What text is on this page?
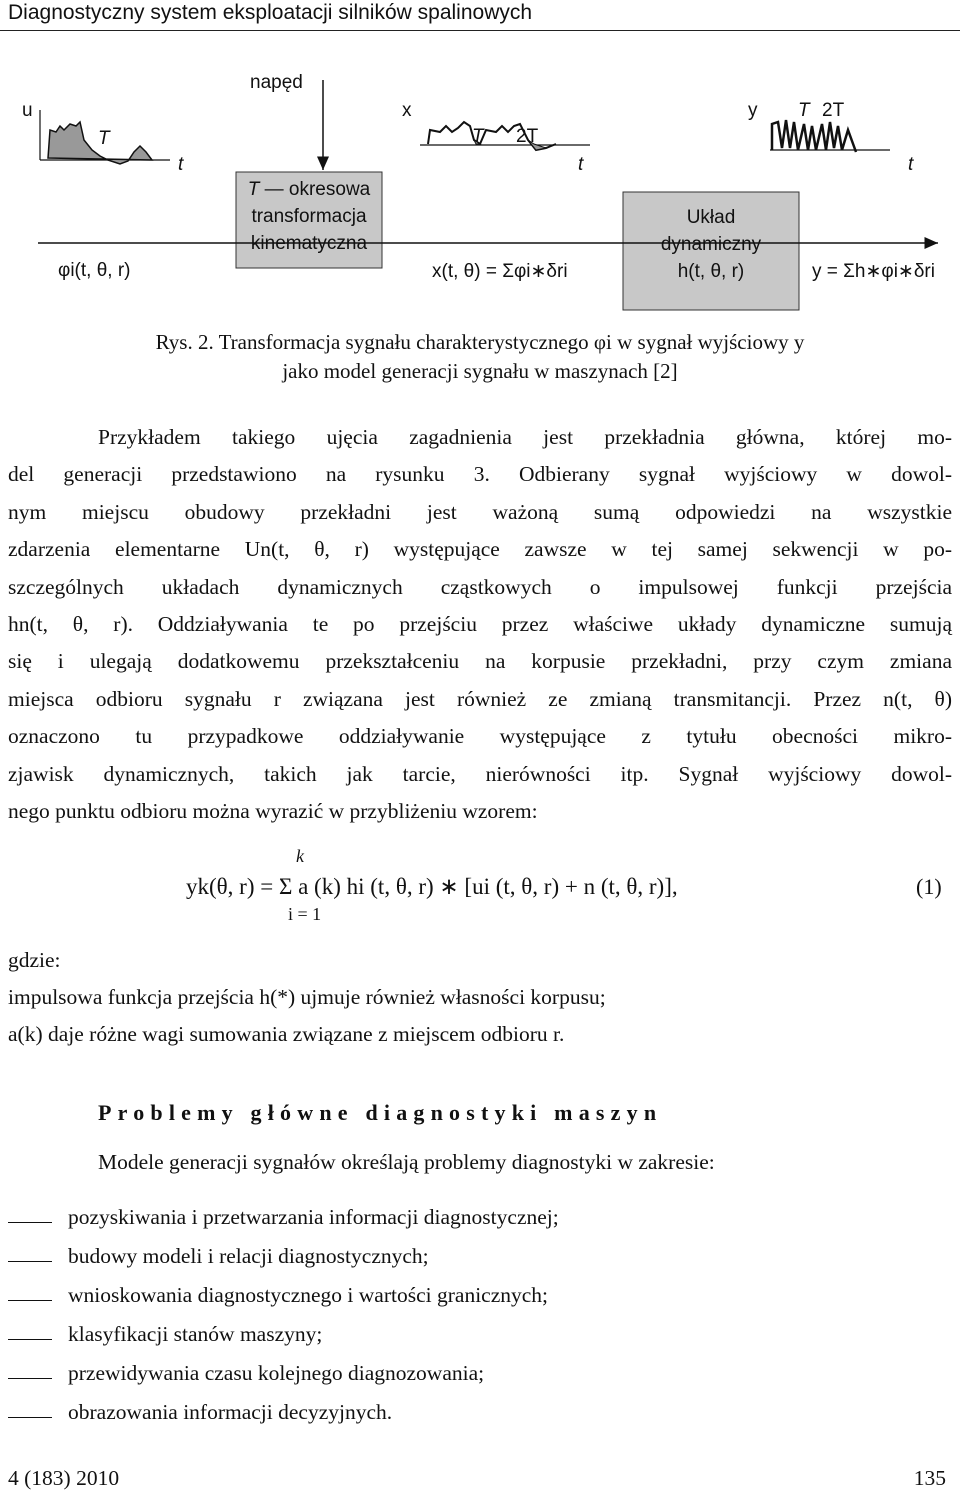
Diagnostyczny system eksploatacji silników spalinowych
u
T
t
napęd
T — okresowa
transformacja
kinematyczna
φi(t, θ, r)
x
T 2T
t
x(t, θ) = Σφi∗δri
y T 2T
t
Układ
dynamiczny
h(t, θ, r)	y = Σh∗φi∗δri
Rys. 2. Transformacja sygnału charakterystycznego φi w sygnał wyjściowy y
jako model generacji sygnału w maszynach [2]
Przykładem takiego ujęcia zagadnienia jest przekładnia główna, której mo-
del generacji przedstawiono na rysunku 3. Odbierany sygnał wyjściowy w dowol-
nym miejscu obudowy przekładni jest ważoną sumą odpowiedzi na wszystkie
zdarzenia elementarne Un(t, θ, r) występujące zawsze w tej samej sekwencji w po-
szczególnych układach dynamicznych cząstkowych o impulsowej funkcji przejścia
hn(t, θ, r). Oddziaływania te po przejściu przez właściwe układy dynamiczne sumują
się i ulegają dodatkowemu przekształceniu na korpusie przekładni, przy czym zmiana
miejsca odbioru sygnału r związana jest również ze zmianą transmitancji. Przez n(t, θ)
oznaczono tu przypadkowe oddziaływanie występujące z tytułu obecności mikro-
zjawisk dynamicznych, takich jak tarcie, nierówności itp. Sygnał wyjściowy dowol-
nego punktu odbioru można wyrazić w przybliżeniu wzorem:
k
yk(θ, r) = Σ a (k) hi (t, θ, r) ∗ [ui (t, θ, r) + n (t, θ, r)],
i = 1
(1)
gdzie:
impulsowa funkcja przejścia h(*) ujmuje również własności korpusu;
a(k) daje różne wagi sumowania związane z miejscem odbioru r.
Problemy główne diagnostyki maszyn
Modele generacji sygnałów określają problemy diagnostyki w zakresie:
pozyskiwania i przetwarzania informacji diagnostycznej;
budowy modeli i relacji diagnostycznych;
wnioskowania diagnostycznego i wartości granicznych;
klasyfikacji stanów maszyny;
przewidywania czasu kolejnego diagnozowania;
obrazowania informacji decyzyjnych.
4 (183) 2010	135
